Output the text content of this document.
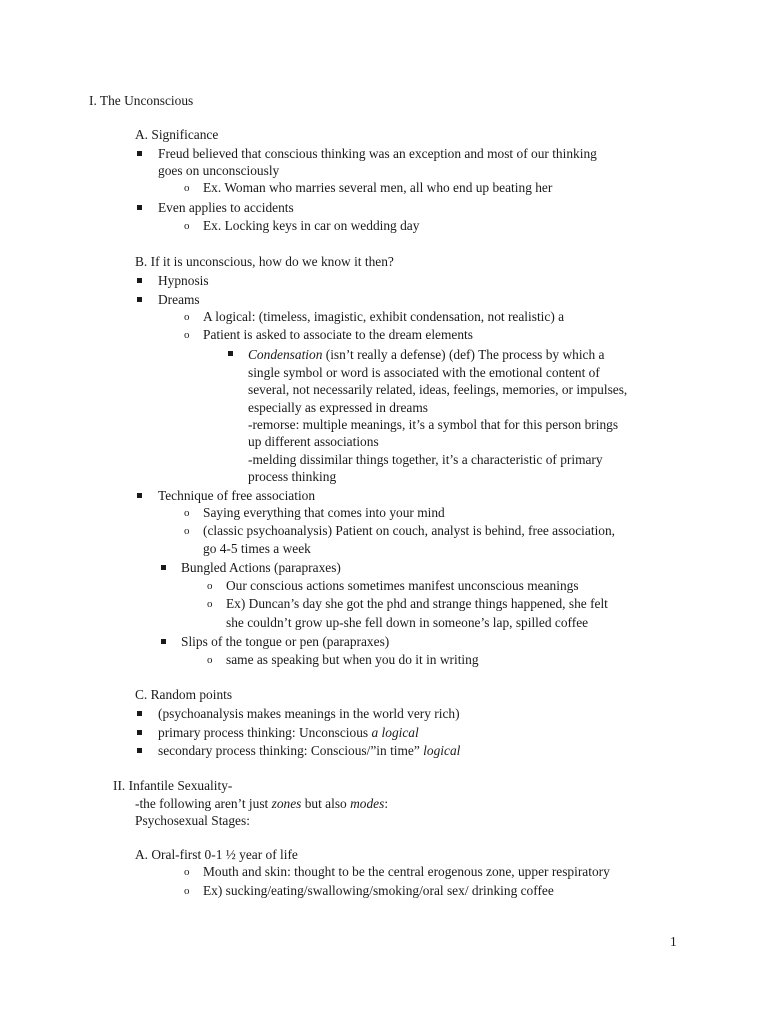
I. The Unconscious
A. Significance
Freud believed that conscious thinking was an exception and most of our thinking
goes on unconsciously
o Ex. Woman who marries several men, all who end up beating her
Even applies to accidents
o Ex. Locking keys in car on wedding day
B. If it is unconscious, how do we know it then?
Hypnosis
Dreams
o A logical: (timeless, imagistic, exhibit condensation, not realistic) a
o Patient is asked to associate to the dream elements
Condensation (isn’t really a defense) (def) The process by which a
single symbol or word is associated with the emotional content of
several, not necessarily related, ideas, feelings, memories, or impulses,
especially as expressed in dreams
-remorse: multiple meanings, it’s a symbol that for this person brings
up different associations
-melding dissimilar things together, it’s a characteristic of primary
process thinking
Technique of free association
o Saying everything that comes into your mind
o (classic psychoanalysis) Patient on couch, analyst is behind, free association,
go 4-5 times a week
Bungled Actions (parapraxes)
o Our conscious actions sometimes manifest unconscious meanings
o Ex) Duncan’s day she got the phd and strange things happened, she felt
she couldn’t grow up-she fell down in someone’s lap, spilled coffee
Slips of the tongue or pen (parapraxes)
o same as speaking but when you do it in writing
C. Random points
(psychoanalysis makes meanings in the world very rich)
primary process thinking: Unconscious a logical
secondary process thinking: Conscious/”in time” logical
II. Infantile Sexuality-
-the following aren’t just zones but also modes:
Psychosexual Stages:
A. Oral-first 0-1 ½ year of life
o Mouth and skin: thought to be the central erogenous zone, upper respiratory
o Ex) sucking/eating/swallowing/smoking/oral sex/ drinking coffee
1
